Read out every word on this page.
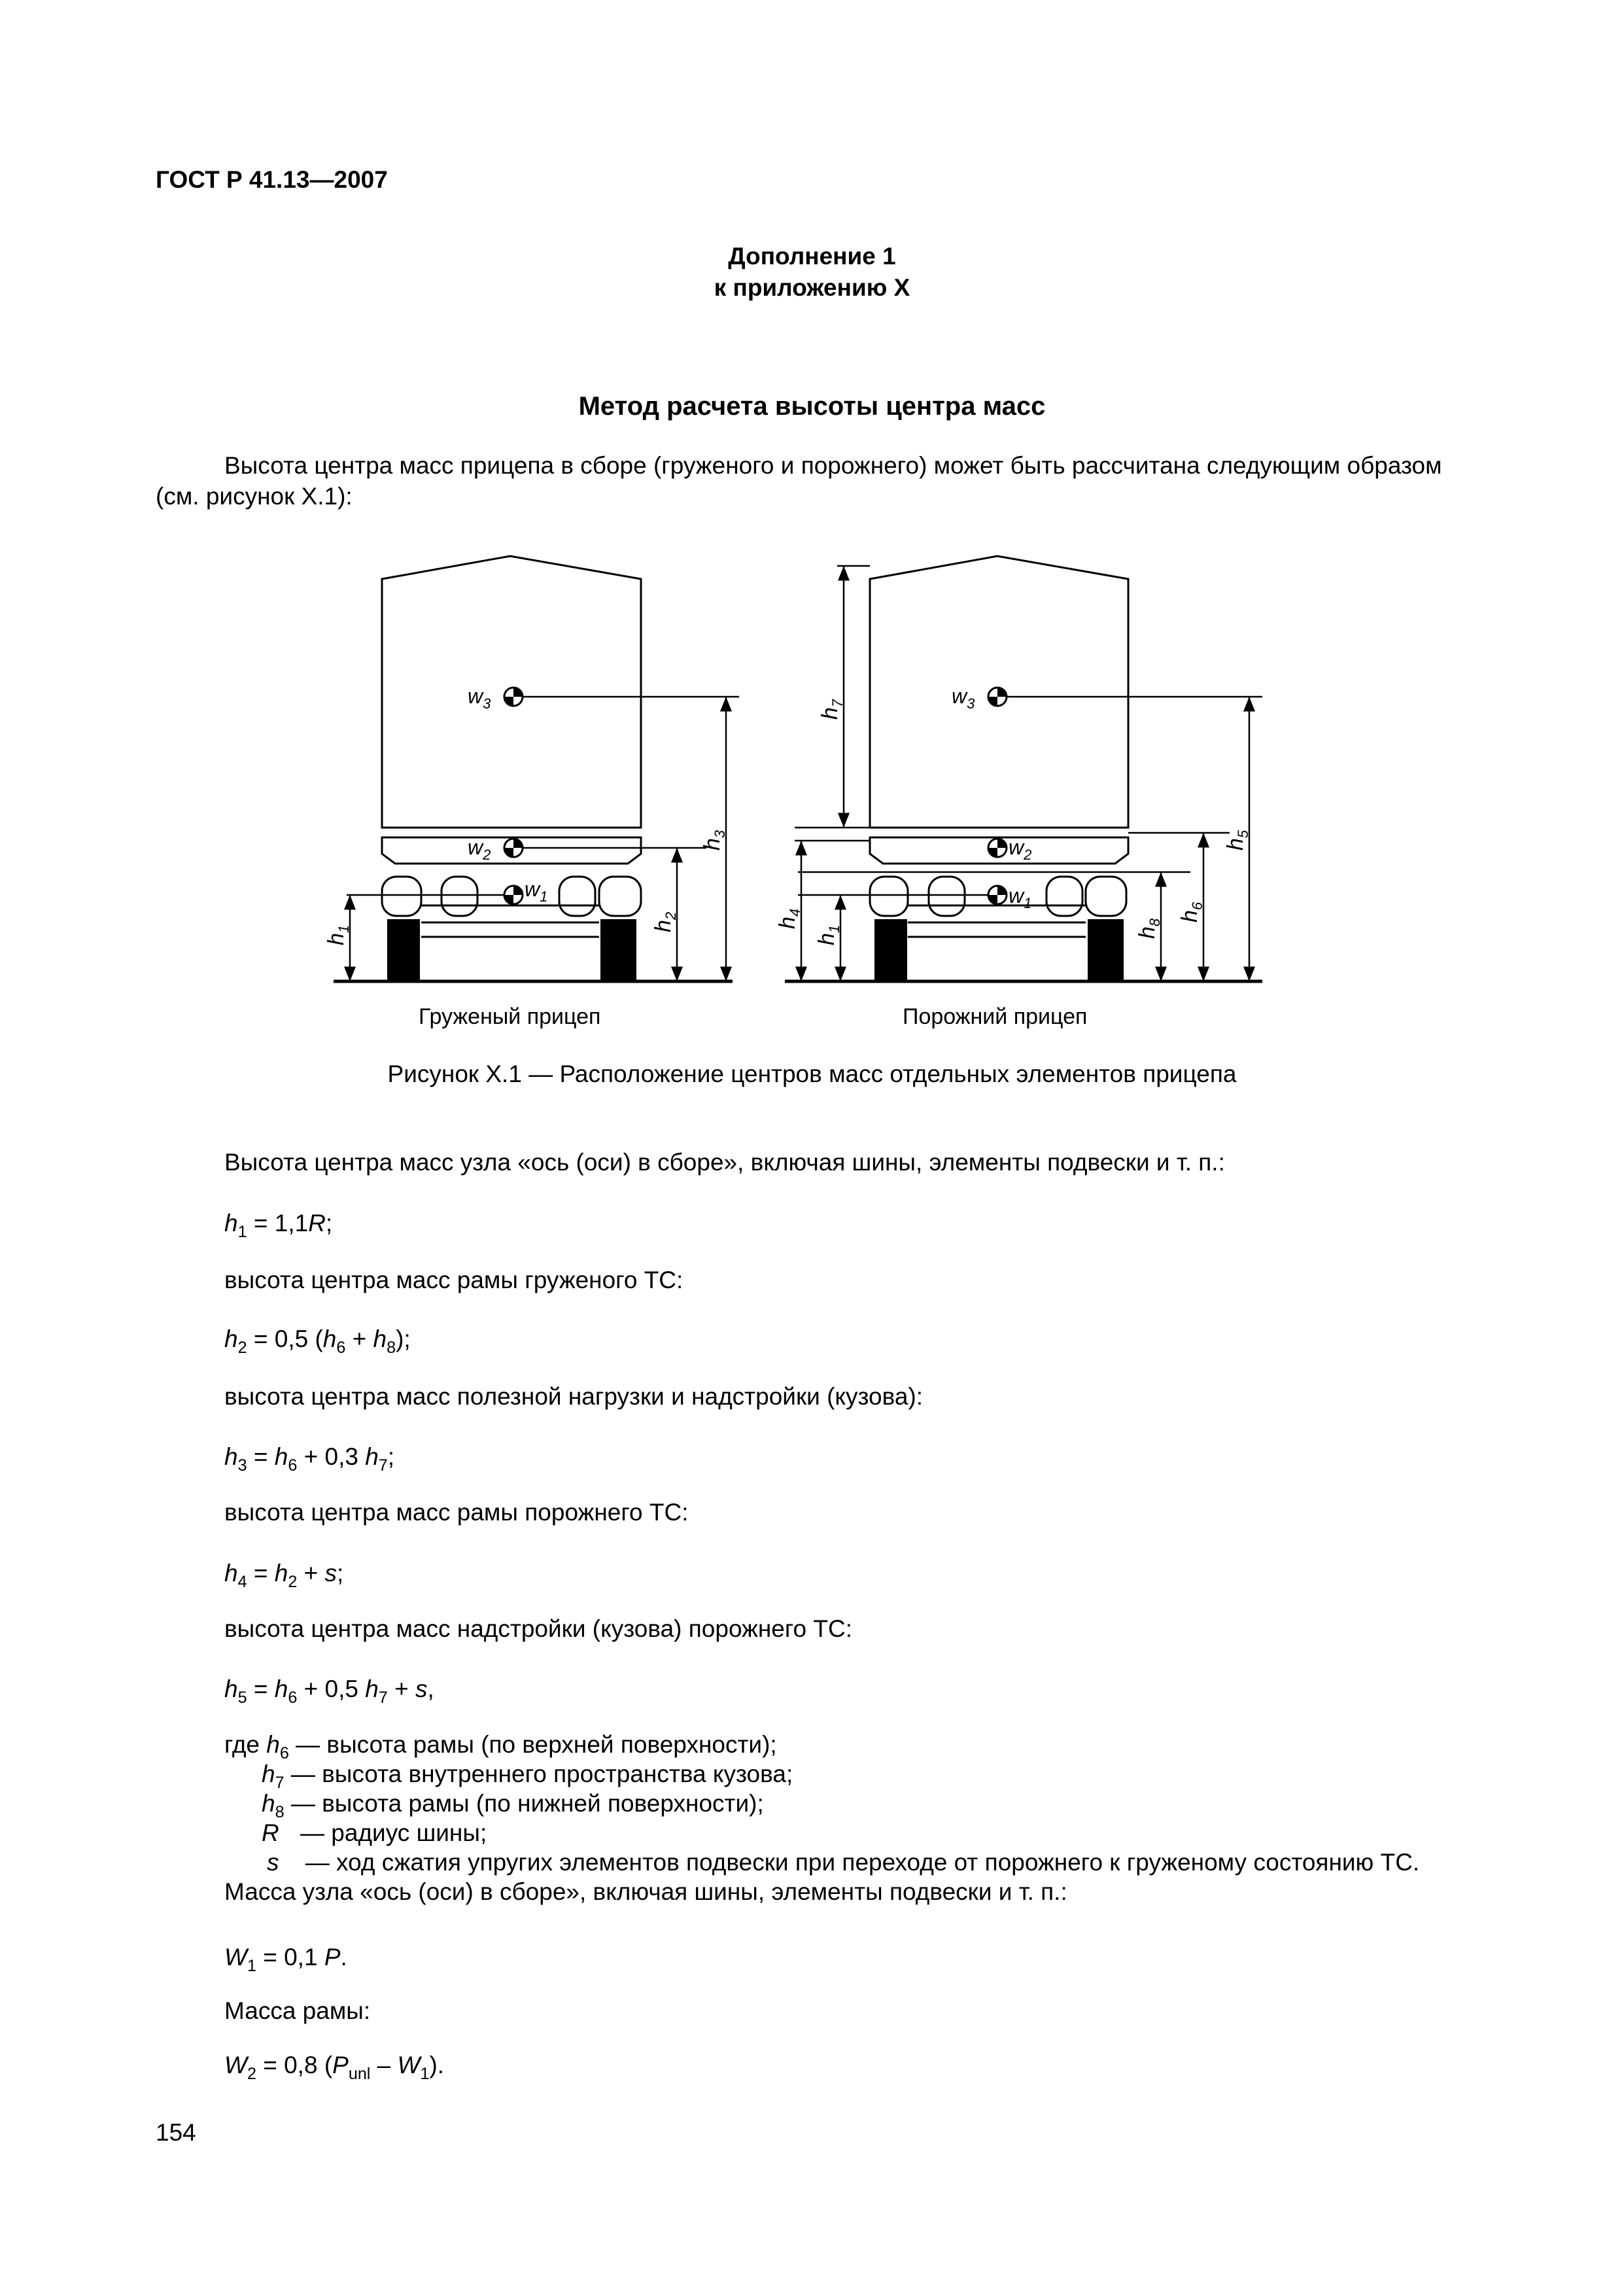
ГОСТ Р 41.13—2007
Дополнение 1
к приложению X
Метод расчета высоты центра масс
Высота центра масс прицепа в сборе (груженого и порожнего) может быть рассчитана следующим образом
(см. рисунок X.1):
$w_3$
$w_2$
$w_1$
$w_3$
$w_2$
$w_1$
$h_1$	$h_2$
$h_3$
$h_7$
$h_4$
$h_1$	$h_8$ $h_6$
$h_5$
Груженый прицеп	Порожний прицеп
Рисунок X.1 — Расположение центров масс отдельных элементов прицепа
Высота центра масс узла «ось (оси) в сборе», включая шины, элементы подвески и т. п.:
$h_1 = 1,1R$;
высота центра масс рамы груженого ТС:
$h_2 = 0,5$ $(h_6 + h_8)$;
высота центра масс полезной нагрузки и надстройки (кузова):
$h_3 = h_6 + 0,3$ $h_7$;
высота центра масс рамы порожнего ТС:
$h_4 = h_2 + s$;
высота центра масс надстройки (кузова) порожнего ТС:
$h_5 = h_6 + 0,5$ $h_7 + s$,
где $h_6$ — высота рамы (по верхней поверхности);
$h_7$ — высота внутреннего пространства кузова;
$h_8$ — высота рамы (по нижней поверхности);
R — радиус шины;
s — ход сжатия упругих элементов подвески при переходе от порожнего к груженому состоянию ТС.
Масса узла «ось (оси) в сборе», включая шины, элементы подвески и т. п.:
$W_1 = 0,1$ P.
Масса рамы:
$W_2 = 0,8$ $(P_{unl} - W_1)$.
154
